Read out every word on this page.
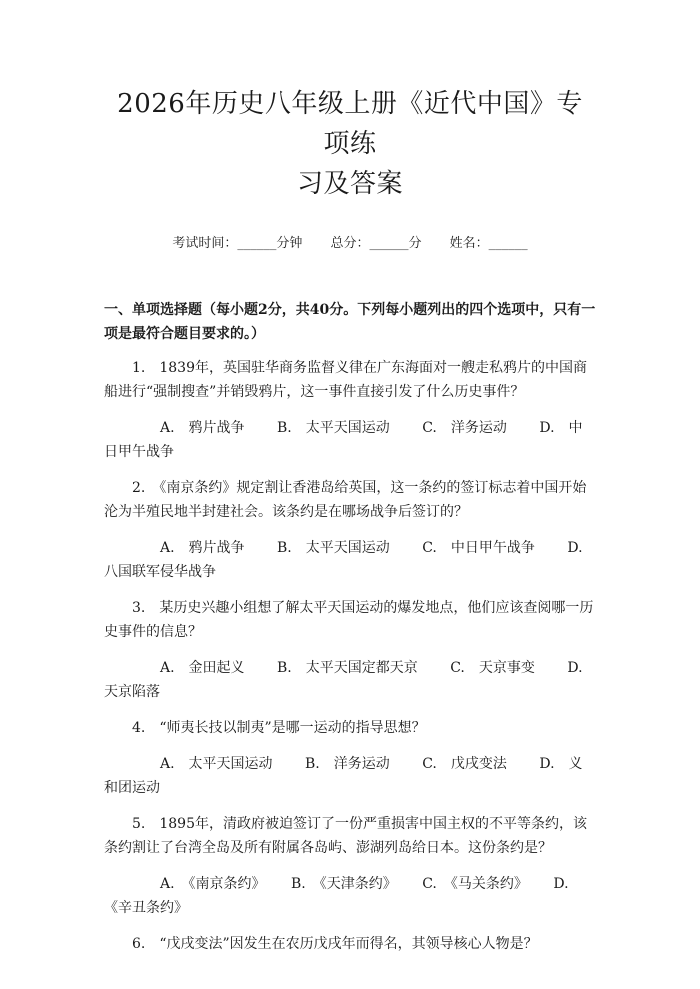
2026年历史八年级上册《近代中国》专项练
习及答案
考试时间：______分钟 总分：______分 姓名：______
一、单项选择题（每小题2分，共40分。下列每小题列出的四个选项中，只有一项是最符合题目要求的。）
1.　1839年，英国驻华商务监督义律在广东海面对一艘走私鸦片的中国商船进行“强制搜查”并销毁鸦片，这一事件直接引发了什么历史事件？
A.　鸦片战争　　 B.　太平天国运动　　 C.　洋务运动　　 D.　中日甲午战争
2.　《南京条约》规定割让香港岛给英国，这一条约的签订标志着中国开始沦为半殖民地半封建社会。该条约是在哪场战争后签订的？
A.　鸦片战争　　 B.　太平天国运动　　 C.　中日甲午战争　　 D.　八国联军侵华战争
3.　某历史兴趣小组想了解太平天国运动的爆发地点，他们应该查阅哪一历史事件的信息？
A.　金田起义　　 B.　太平天国定都天京　　 C.　天京事变　　 D.　天京陷落
4.　“师夷长技以制夷”是哪一运动的指导思想？
A.　太平天国运动　　 B.　洋务运动　　 C.　戊戌变法　　 D.　义和团运动
5.　1895年，清政府被迫签订了一份严重损害中国主权的不平等条约，该条约割让了台湾全岛及所有附属各岛屿、澎湖列岛给日本。这份条约是？
A.　《南京条约》　　 B.　《天津条约》　　 C.　《马关条约》　　 D.　《辛丑条约》
6.　“戊戌变法”因发生在农历戊戌年而得名，其领导核心人物是？
